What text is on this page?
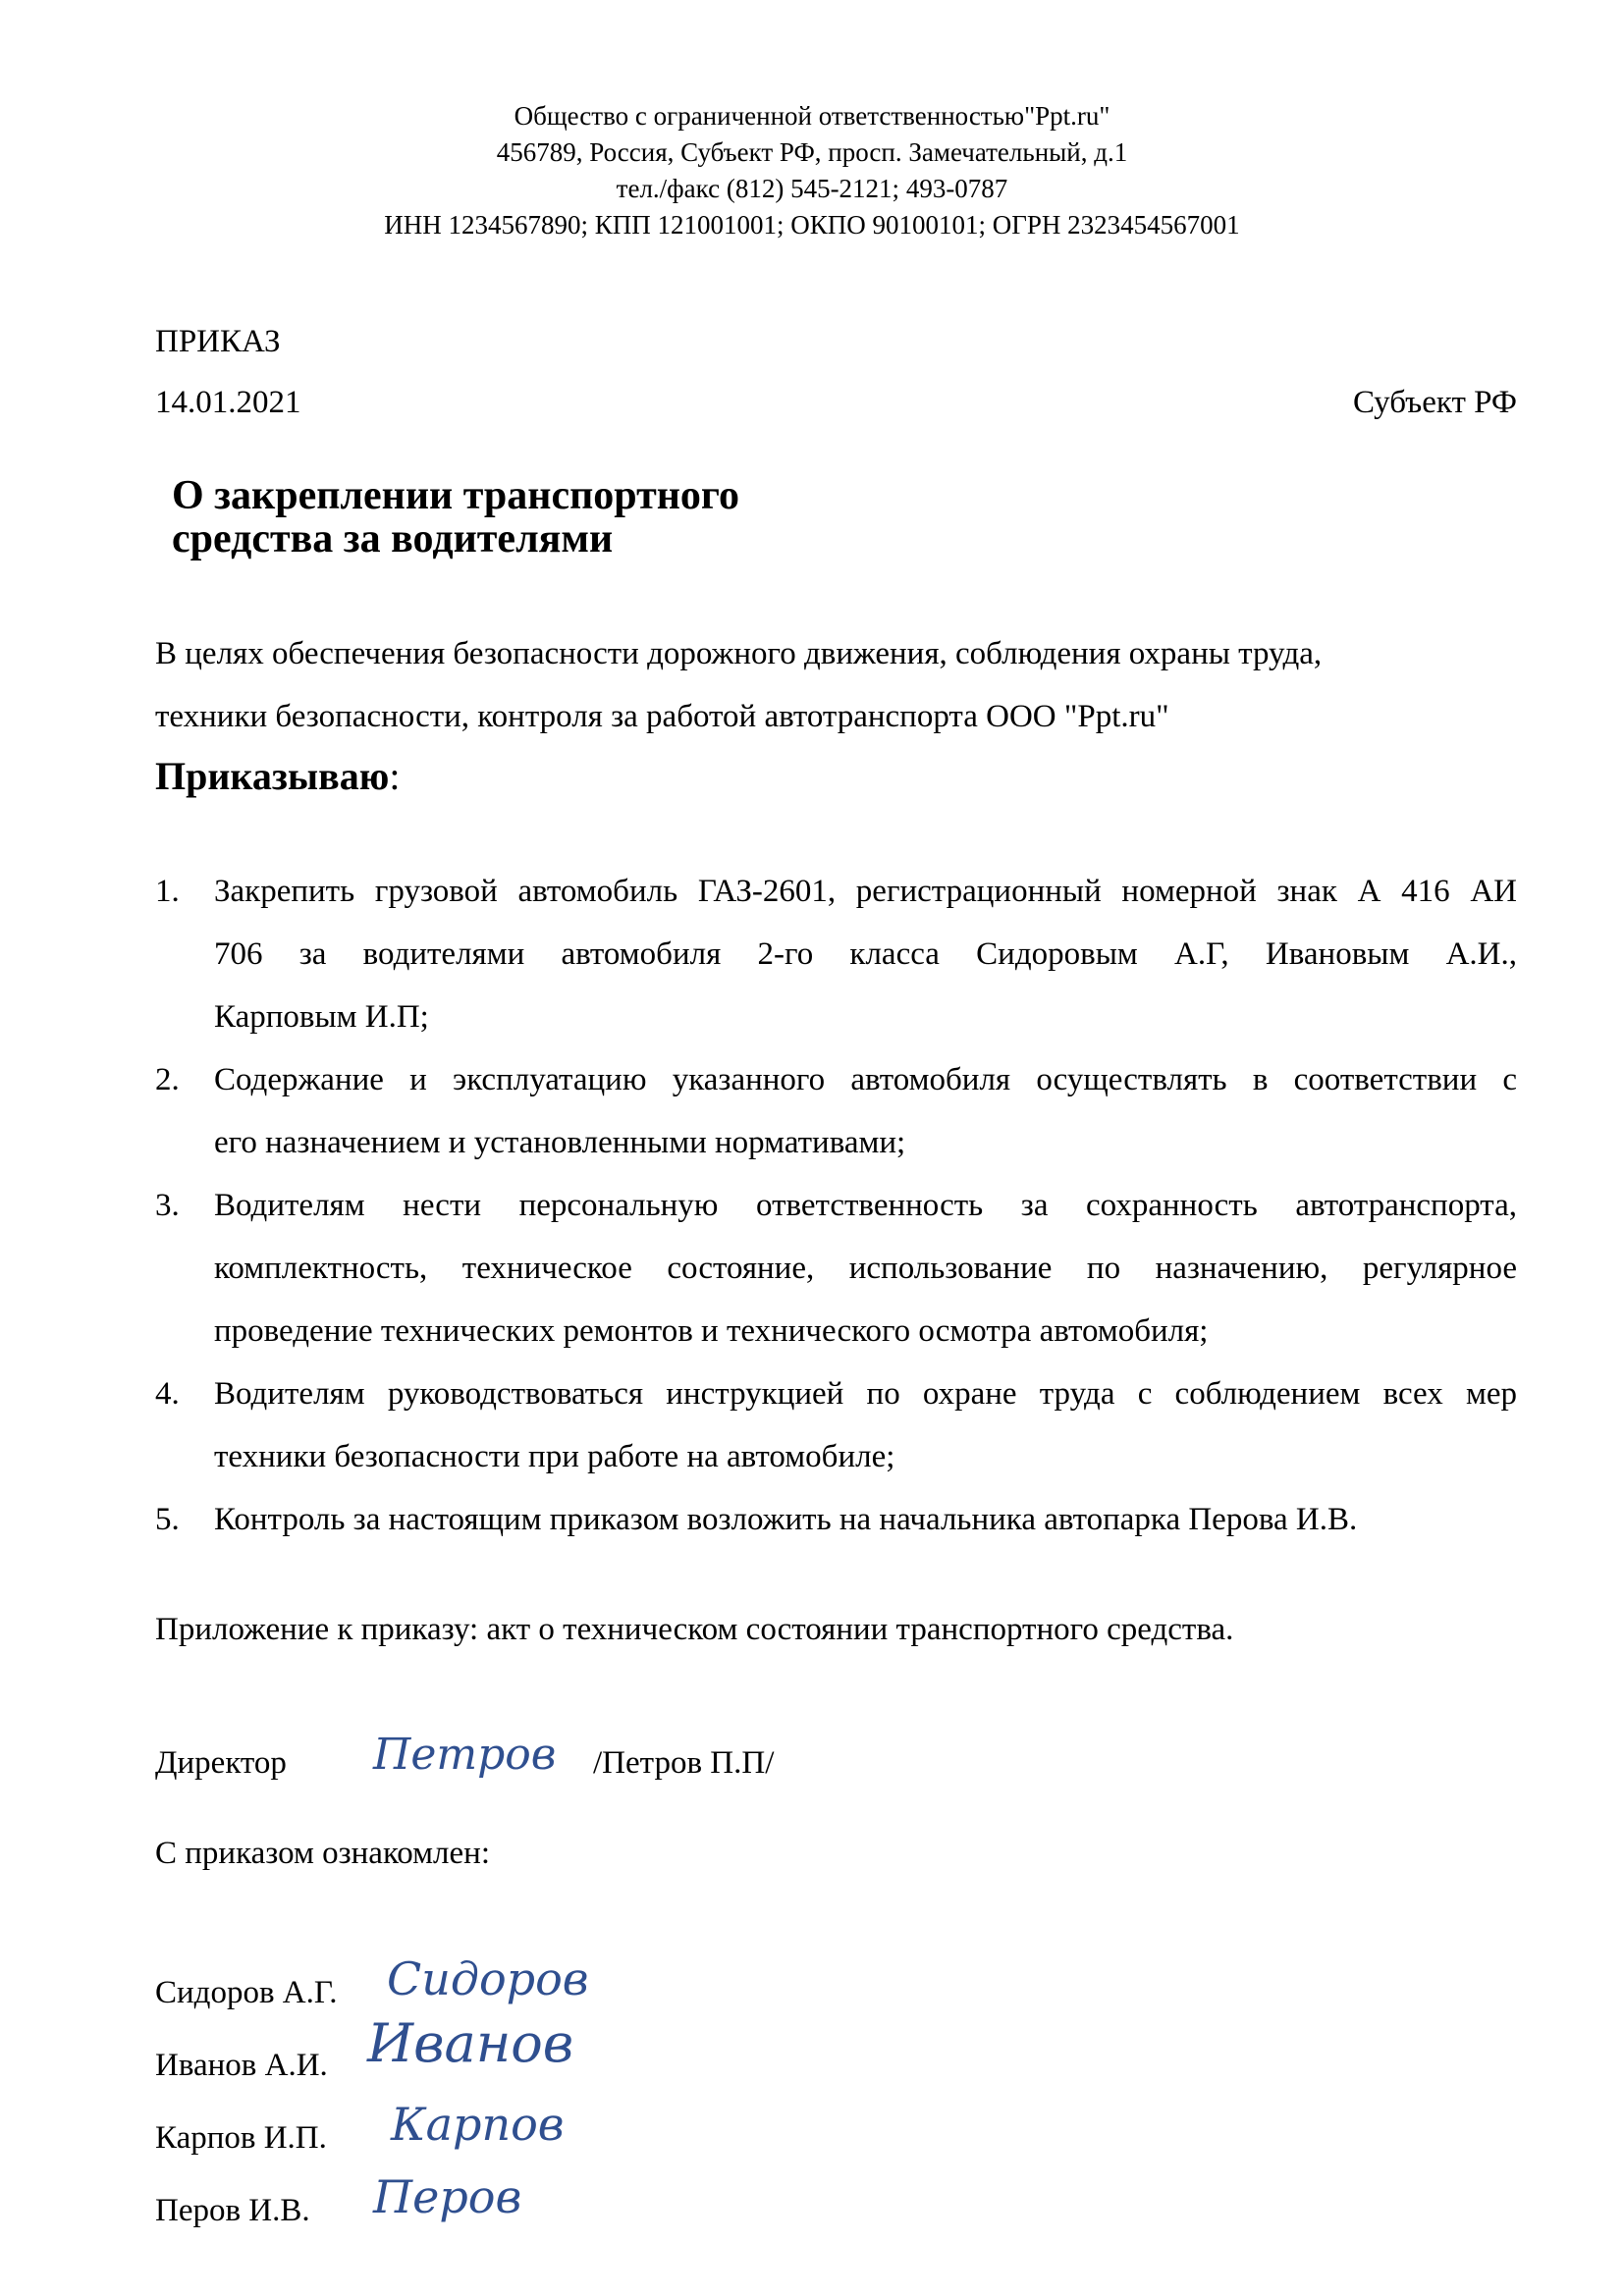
Общество с ограниченной ответственностью"Ppt.ru"
456789, Россия, Субъект РФ, просп. Замечательный, д.1
тел./факс (812) 545-2121; 493-0787
ИНН 1234567890; КПП 121001001; ОКПО 90100101; ОГРН 2323454567001
ПРИКАЗ
14.01.2021	Субъект РФ
О закреплении транспортного
средства за водителями
В целях обеспечения безопасности дорожного движения, соблюдения охраны труда,
техники безопасности, контроля за работой автотранспорта ООО "Ppt.ru"
Приказываю:
1. Закрепить грузовой автомобиль ГАЗ-2601, регистрационный номерной знак А 416 АИ
706 за водителями автомобиля 2-го класса Сидоровым А.Г, Ивановым А.И.,
Карповым И.П;
2. Содержание и эксплуатацию указанного автомобиля осуществлять в соответствии с
его назначением и установленными нормативами;
3. Водителям нести персональную ответственность за сохранность автотранспорта,
комплектность, техническое состояние, использование по назначению, регулярное
проведение технических ремонтов и технического осмотра автомобиля;
4. Водителям руководствоваться инструкцией по охране труда с соблюдением всех мер
техники безопасности при работе на автомобиле;
5. Контроль за настоящим приказом возложить на начальника автопарка Перова И.В.
Приложение к приказу: акт о техническом состоянии транспортного средства.
Директор Петров /Петров П.П/
С приказом ознакомлен:
Сидоров А.Г. Сидоров
Иванов А.И. Иванов
Карпов И.П. Карпов
Перов И.В. Перов
